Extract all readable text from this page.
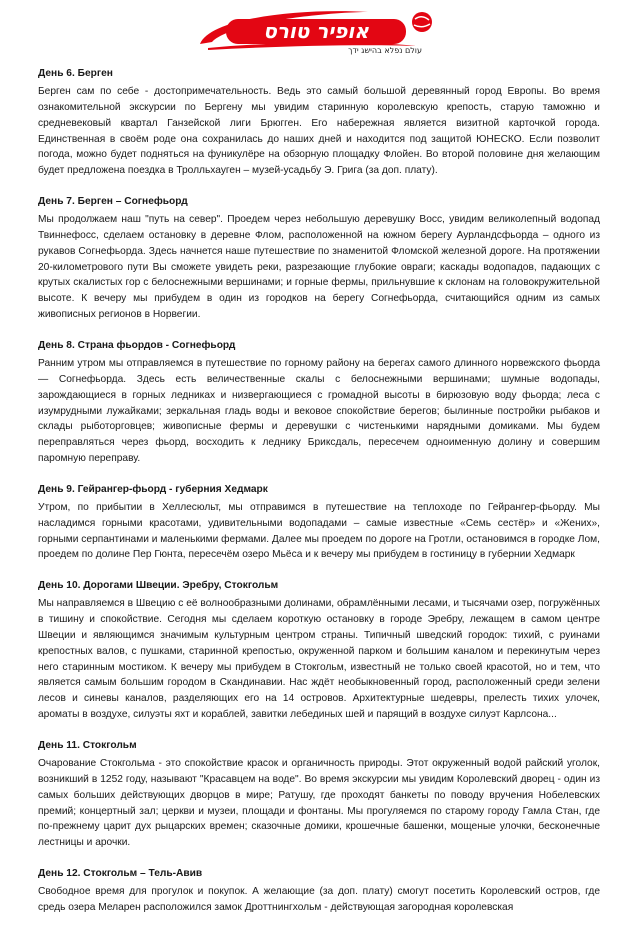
אופיר טורס
עולם נפלא בהישג ידך
День 6. Берген

Берген сам по себе - достопримечательность. Ведь это самый большой деревянный город Европы. Во время ознакомительной экскурсии по Бергену мы увидим старинную королевскую крепость, старую таможню и средневековый квартал Ганзейской лиги Брюгген. Его набережная является визитной карточкой города. Единственная в своём роде она сохранилась до наших дней и находится под защитой ЮНЕСКО. Если позволит погода, можно будет подняться на фуникулёре на обзорную площадку Флойен. Во второй половине дня желающим будет предложена поездка в Тролльхауген – музей-усадьбу Э. Грига (за доп. плату).

День 7. Берген – Согнефьорд

Мы продолжаем наш "путь на север". Проедем через небольшую деревушку Восс, увидим великолепный водопад Твиннефосс, сделаем остановку в деревне Флом, расположенной на южном берегу Аурландсфьорда – одного из рукавов Согнефьорда. Здесь начнется наше путешествие по знаменитой Фломской железной дороге. На протяжении 20-километрового пути Вы сможете увидеть реки, разрезающие глубокие овраги; каскады водопадов, падающих с крутых скалистых гор с белоснежными вершинами; и горные фермы, прильнувшие к склонам на головокружительной высоте. К вечеру мы прибудем в один из городков на берегу Согнефьорда, считающийся одним из самых живописных регионов в Норвегии.

День 8. Страна фьордов - Согнефьорд

Ранним утром мы отправляемся в путешествие по горному району на берегах самого длинного норвежского фьорда — Согнефьорда. Здесь есть величественные скалы с белоснежными вершинами; шумные водопады, зарождающиеся в горных ледниках и низвергающиеся с громадной высоты в бирюзовую воду фьорда; леса с изумрудными лужайками; зеркальная гладь воды и вековое спокойствие берегов; былинные постройки рыбаков и склады рыботорговцев; живописные фермы и деревушки с чистенькими нарядными домиками. Мы будем переправляться через фьорд, восходить к леднику Бриксдаль, пересечем одноименную долину и совершим паромную переправу.

День 9. Гейрангер-фьорд - губерния Хедмарк

Утром, по прибытии в Хеллесюльт, мы отправимся в путешествие на теплоходе по Гейрангер-фьорду. Мы насладимся горными красотами, удивительными водопадами – самые известные «Семь сестёр» и «Жених», горными серпантинами и маленькими фермами. Далее мы проедем по дороге на Гротли, остановимся в городке Лом, проедем по долине Пер Гюнта, пересечём озеро Мьёса и к вечеру мы прибудем в гостиницу в губернии Хедмарк

День 10. Дорогами Швеции. Эребру, Стокгольм

Мы направляемся в Швецию с её волнообразными долинами, обрамлёнными лесами, и тысячами озер, погружённых в тишину и спокойствие. Сегодня мы сделаем короткую остановку в городе Эребру, лежащем в самом центре Швеции и являющимся значимым культурным центром страны. Типичный шведский городок: тихий, с руинами крепостных валов, с пушками, старинной крепостью, окруженной парком и большим каналом и перекинутым через него старинным мостиком. К вечеру мы прибудем в Стокгольм, известный не только своей красотой, но и тем, что является самым большим городом в Скандинавии. Нас ждёт необыкновенный город, расположенный среди зелени лесов и синевы каналов, разделяющих его на 14 островов. Архитектурные шедевры, прелесть тихих улочек, ароматы в воздухе, силуэты яхт и кораблей, завитки лебединых шей и парящий в воздухе силуэт Карлсона...

День 11. Стокгольм

Очарование Стокгольма - это спокойствие красок и органичность природы. Этот окруженный водой райский уголок, возникший в 1252 году, называют "Красавцем на воде". Во время экскурсии мы увидим Королевский дворец - один из самых больших действующих дворцов в мире; Ратушу, где проходят банкеты по поводу вручения Нобелевских премий; концертный зал; церкви и музеи, площади и фонтаны. Мы прогуляемся по старому городу Гамла Стан, где по-прежнему царит дух рыцарских времен; сказочные домики, крошечные башенки, мощеные улочки, бесконечные лестницы и арочки.

День 12. Стокгольм – Тель-Авив

Свободное время для прогулок и покупок. А желающие (за доп. плату) смогут посетить Королевский остров, где средь озера Меларен расположился замок Дроттнингхольм - действующая загородная королевская
